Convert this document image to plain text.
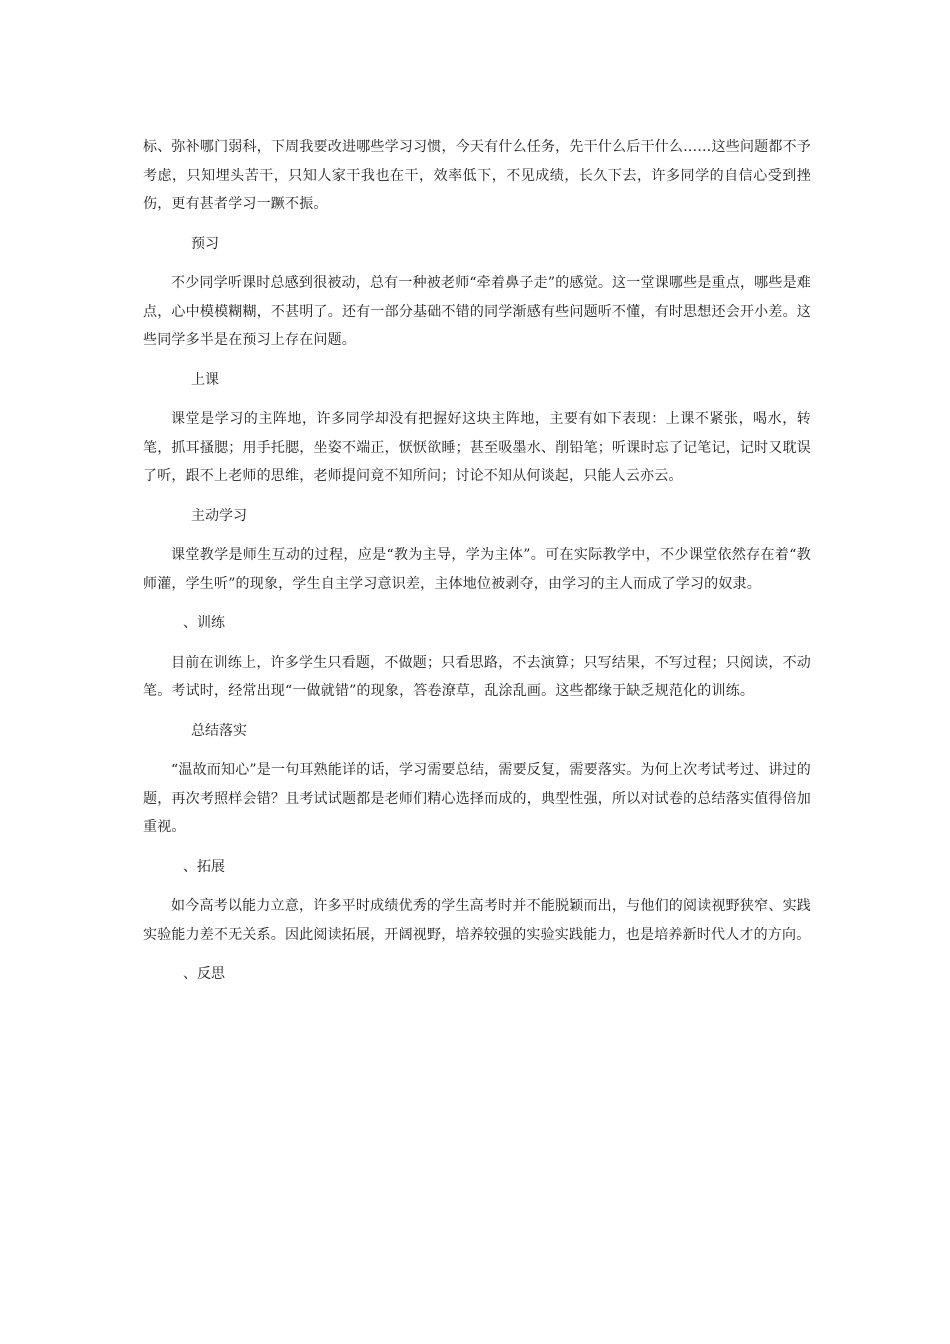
标、弥补哪门弱科，下周我要改进哪些学习习惯，今天有什么任务，先干什么后干什么……这些问题都不予考虑，只知埋头苦干，只知人家干我也在干，效率低下，不见成绩，长久下去，许多同学的自信心受到挫伤，更有甚者学习一蹶不振。

预习

不少同学听课时总感到很被动，总有一种被老师“牵着鼻子走”的感觉。这一堂课哪些是重点，哪些是难点，心中模模糊糊，不甚明了。还有一部分基础不错的同学渐感有些问题听不懂，有时思想还会开小差。这些同学多半是在预习上存在问题。

上课

课堂是学习的主阵地，许多同学却没有把握好这块主阵地，主要有如下表现：上课不紧张，喝水，转笔，抓耳搔腮；用手托腮，坐姿不端正，恹恹欲睡；甚至吸墨水、削铅笔；听课时忘了记笔记，记时又耽误了听，跟不上老师的思维，老师提问竟不知所问；讨论不知从何谈起，只能人云亦云。

主动学习

课堂教学是师生互动的过程，应是“教为主导，学为主体”。可在实际教学中，不少课堂依然存在着“教师灌，学生听”的现象，学生自主学习意识差，主体地位被剥夺，由学习的主人而成了学习的奴隶。

、训练

目前在训练上，许多学生只看题，不做题；只看思路，不去演算；只写结果，不写过程；只阅读，不动笔。考试时，经常出现“一做就错”的现象，答卷潦草，乱涂乱画。这些都缘于缺乏规范化的训练。

总结落实

“温故而知心”是一句耳熟能详的话，学习需要总结，需要反复，需要落实。为何上次考试考过、讲过的题，再次考照样会错？且考试试题都是老师们精心选择而成的，典型性强，所以对试卷的总结落实值得倍加重视。

、拓展

如今高考以能力立意，许多平时成绩优秀的学生高考时并不能脱颖而出，与他们的阅读视野狭窄、实践实验能力差不无关系。因此阅读拓展，开阔视野，培养较强的实验实践能力，也是培养新时代人才的方向。

、反思
